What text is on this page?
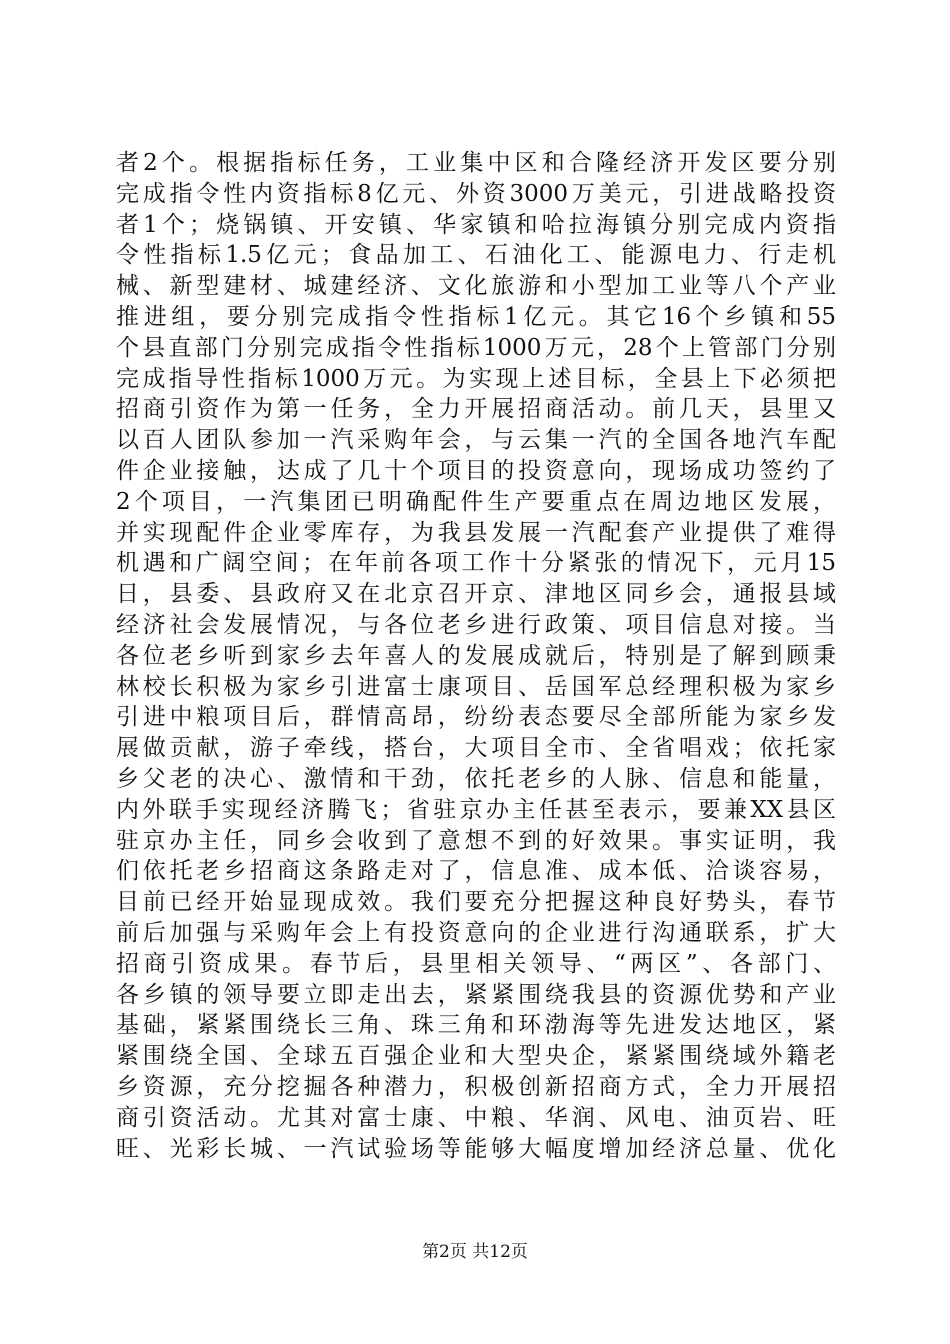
者2个。根据指标任务，工业集中区和合隆经济开发区要分别
完成指令性内资指标8亿元、外资3000万美元，引进战略投资
者1个；烧锅镇、开安镇、华家镇和哈拉海镇分别完成内资指
令性指标1.5亿元；食品加工、石油化工、能源电力、行走机
械、新型建材、城建经济、文化旅游和小型加工业等八个产业
推进组，要分别完成指令性指标1亿元。其它16个乡镇和55
个县直部门分别完成指令性指标1000万元，28个上管部门分别
完成指导性指标1000万元。为实现上述目标，全县上下必须把
招商引资作为第一任务，全力开展招商活动。前几天，县里又
以百人团队参加一汽采购年会，与云集一汽的全国各地汽车配
件企业接触，达成了几十个项目的投资意向，现场成功签约了
2个项目，一汽集团已明确配件生产要重点在周边地区发展，
并实现配件企业零库存，为我县发展一汽配套产业提供了难得
机遇和广阔空间；在年前各项工作十分紧张的情况下，元月15
日，县委、县政府又在北京召开京、津地区同乡会，通报县域
经济社会发展情况，与各位老乡进行政策、项目信息对接。当
各位老乡听到家乡去年喜人的发展成就后，特别是了解到顾秉
林校长积极为家乡引进富士康项目、岳国军总经理积极为家乡
引进中粮项目后，群情高昂，纷纷表态要尽全部所能为家乡发
展做贡献，游子牵线，搭台，大项目全市、全省唱戏；依托家
乡父老的决心、激情和干劲，依托老乡的人脉、信息和能量，
内外联手实现经济腾飞；省驻京办主任甚至表示，要兼XX县区
驻京办主任，同乡会收到了意想不到的好效果。事实证明，我
们依托老乡招商这条路走对了，信息准、成本低、洽谈容易，
目前已经开始显现成效。我们要充分把握这种良好势头，春节
前后加强与采购年会上有投资意向的企业进行沟通联系，扩大
招商引资成果。春节后，县里相关领导、“两区”、各部门、
各乡镇的领导要立即走出去，紧紧围绕我县的资源优势和产业
基础，紧紧围绕长三角、珠三角和环渤海等先进发达地区，紧
紧围绕全国、全球五百强企业和大型央企，紧紧围绕域外籍老
乡资源，充分挖掘各种潜力，积极创新招商方式，全力开展招
商引资活动。尤其对富士康、中粮、华润、风电、油页岩、旺
旺、光彩长城、一汽试验场等能够大幅度增加经济总量、优化
第2页 共12页
